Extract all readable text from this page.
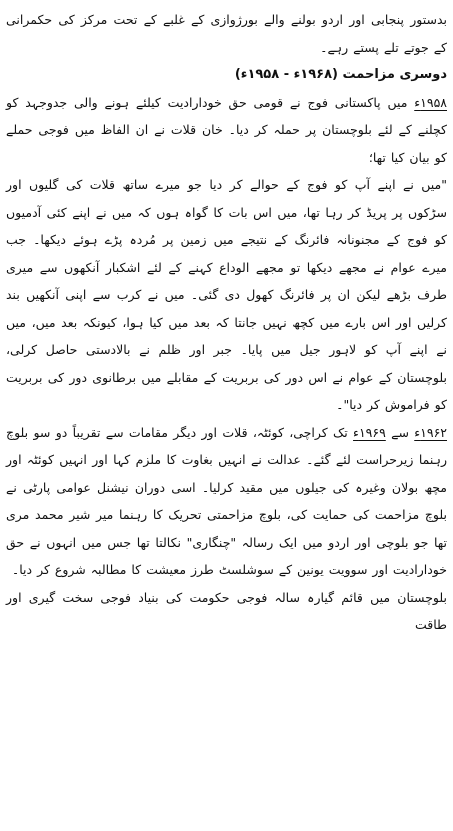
بدستور پنجابی اور اردو بولنے والے بورژوازی کے غلبے کے تحت مرکز کی حکمرانی کے جوتے تلے پستے رہے۔

دوسری مزاحمت (۱۹۶۸ء - ۱۹۵۸ء)

۱۹۵۸ء میں پاکستانی فوج نے قومی حق خودارادیت کیلئے ہونے والی جدوجہد کو کچلنے کے لئے بلوچستان پر حملہ کر دیا۔ خان قلات نے ان الفاظ میں فوجی حملے کو بیان کیا تھا؛

"میں نے اپنے آپ کو فوج کے حوالے کر دیا جو میرے ساتھ قلات کی گلیوں اور سڑکوں پر پریڈ کر رہا تھا، میں اس بات کا گواہ ہوں کہ میں نے اپنے کئی آدمیوں کو فوج کے مجنونانہ فائرنگ کے نتیجے میں زمین پر مُردہ پڑے ہوئے دیکھا۔ جب میرے عوام نے مجھے دیکھا تو مجھے الوداع کہنے کے لئے اشکبار آنکھوں سے میری طرف بڑھے لیکن ان پر فائرنگ کھول دی گئی۔ میں نے کرب سے اپنی آنکھیں بند کرلیں اور اس بارے میں کچھ نہیں جانتا کہ بعد میں کیا ہوا، کیونکہ بعد میں، میں نے اپنے آپ کو لاہور جیل میں پایا۔ جبر اور ظلم نے بالادستی حاصل کرلی، بلوچستان کے عوام نے اس دور کی بربریت کے مقابلے میں برطانوی دور کی بربریت کو فراموش کر دیا"۔

۱۹۶۲ء سے ۱۹۶۹ء تک کراچی، کوئٹہ، قلات اور دیگر مقامات سے تقریباً دو سو بلوچ رہنما زیرحراست لئے گئے۔ عدالت نے انہیں بغاوت کا ملزم کہا اور انہیں کوئٹہ اور مچھ بولان وغیرہ کی جیلوں میں مقید کرلیا۔ اسی دوران نیشنل عوامی پارٹی نے بلوچ مزاحمت کی حمایت کی، بلوچ مزاحمتی تحریک کا رہنما میر شیر محمد مری تھا جو بلوچی اور اردو میں ایک رسالہ "چنگاری" نکالتا تھا جس میں انہوں نے حق خودارادیت اور سوویت یونین کے سوشلسٹ طرز معیشت کا مطالبہ شروع کر دیا۔

بلوچستان میں قائم گیارہ سالہ فوجی حکومت کی بنیاد فوجی سخت گیری اور طاقت
